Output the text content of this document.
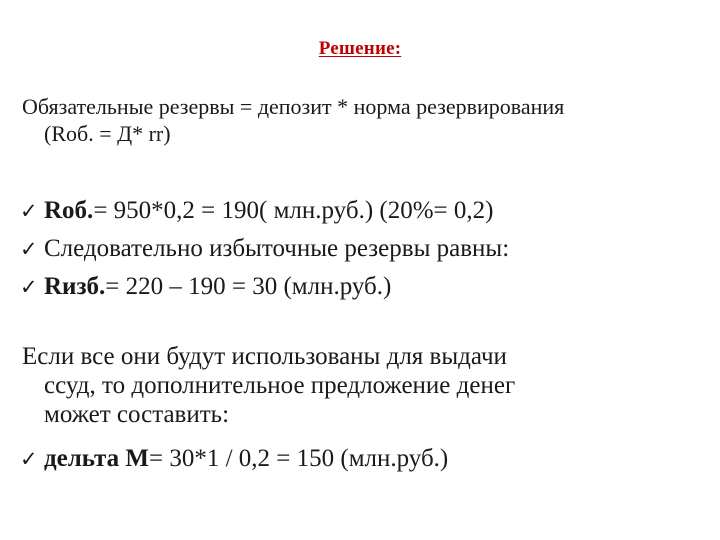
Решение:
Обязательные резервы = депозит * норма резервирования
(Rоб. = Д* rr)
✓ Rоб. = 950*0,2 = 190( млн.руб.) (20%= 0,2)
✓ Следовательно избыточные резервы равны:
✓ Rизб. = 220 – 190 = 30 (млн.руб.)
Если все они будут использованы для выдачи
ссуд, то дополнительное предложение денег
может составить:
✓ дельта М = 30*1 / 0,2 = 150 (млн.руб.)
